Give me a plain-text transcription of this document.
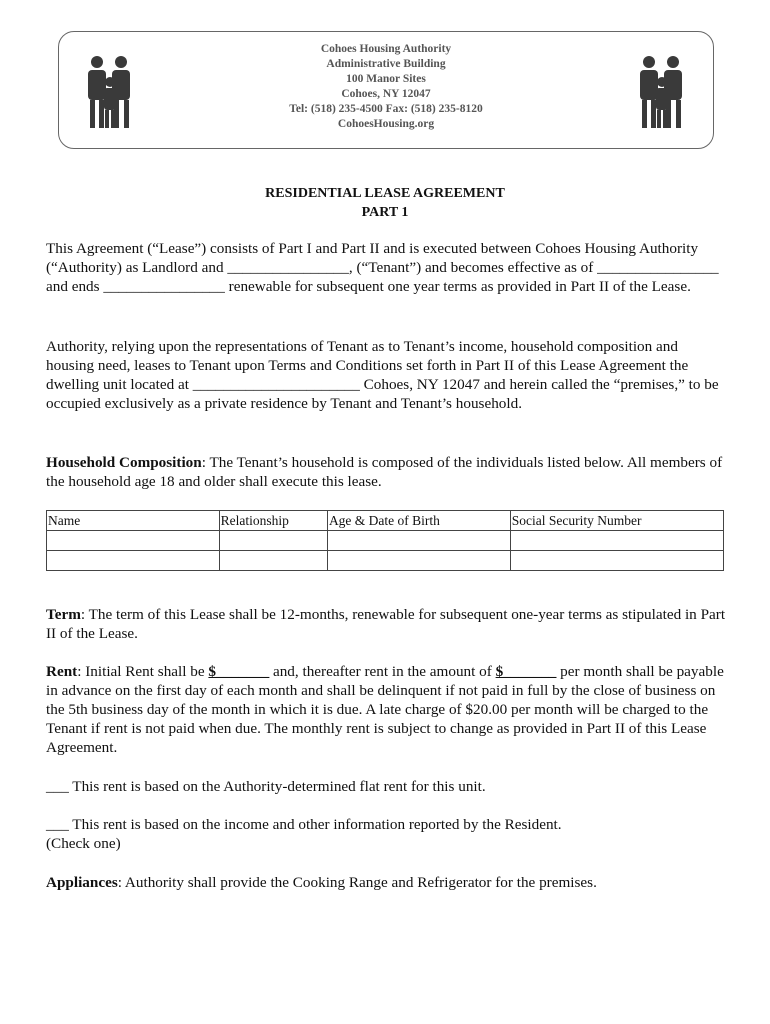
Cohoes Housing Authority
Administrative Building
100 Manor Sites
Cohoes, NY 12047
Tel: (518) 235-4500 Fax: (518) 235-8120
CohoesHousing.org
RESIDENTIAL LEASE AGREEMENT
PART 1

This Agreement (“Lease”) consists of Part I and Part II and is executed between Cohoes Housing Authority (“Authority) as Landlord and ________________, (“Tenant”) and becomes effective as of ________________ and ends ________________ renewable for subsequent one year terms as provided in Part II of the Lease.

Authority, relying upon the representations of Tenant as to Tenant’s income, household composition and housing need, leases to Tenant upon Terms and Conditions set forth in Part II of this Lease Agreement the dwelling unit located at ______________________ Cohoes, NY 12047 and herein called the “premises,” to be occupied exclusively as a private residence by Tenant and Tenant’s household.

Household Composition: The Tenant’s household is composed of the individuals listed below. All members of the household age 18 and older shall execute this lease.

Name	Relationship	Age & Date of Birth	Social Security Number

Term: The term of this Lease shall be 12-months, renewable for subsequent one-year terms as stipulated in Part II of the Lease.

Rent: Initial Rent shall be $_______ and, thereafter rent in the amount of $_______ per month shall be payable in advance on the first day of each month and shall be delinquent if not paid in full by the close of business on the 5th business day of the month in which it is due. A late charge of $20.00 per month will be charged to the Tenant if rent is not paid when due. The monthly rent is subject to change as provided in Part II of this Lease Agreement.

___ This rent is based on the Authority-determined flat rent for this unit.

___ This rent is based on the income and other information reported by the Resident.

(Check one)

Appliances: Authority shall provide the Cooking Range and Refrigerator for the premises.
